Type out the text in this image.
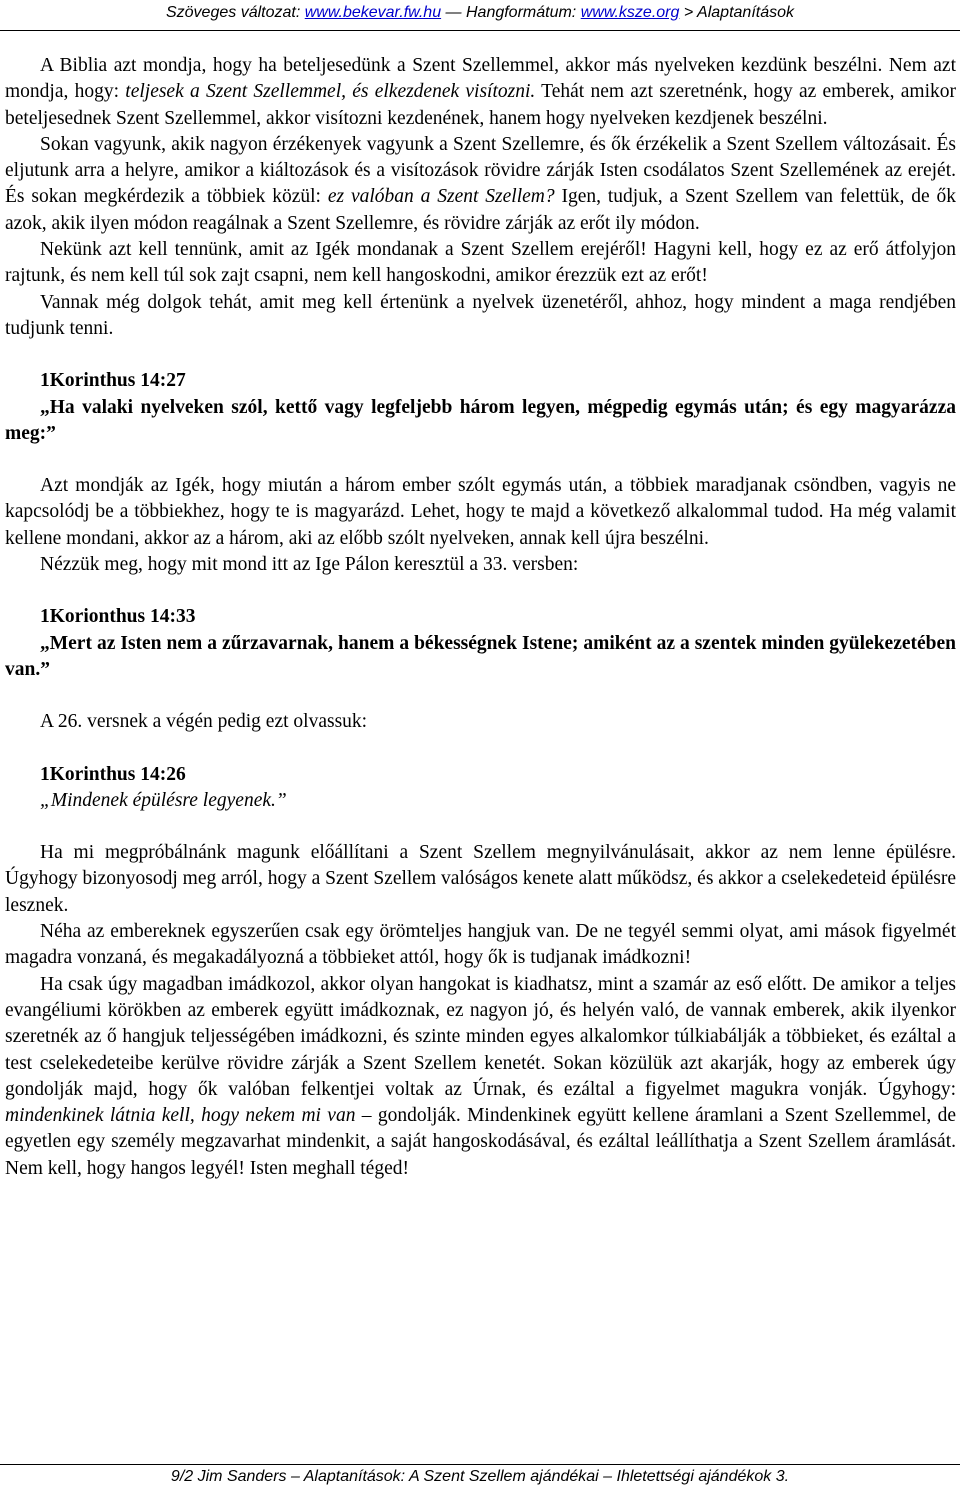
Szöveges változat: www.bekevar.fw.hu — Hangformátum: www.ksze.org > Alaptanítások

A Biblia azt mondja, hogy ha beteljesedünk a Szent Szellemmel, akkor más nyelveken kezdünk beszélni. Nem azt mondja, hogy: teljesek a Szent Szellemmel, és elkezdenek visítozni. Tehát nem azt szeretnénk, hogy az emberek, amikor beteljesednek Szent Szellemmel, akkor visítozni kezdenének, hanem hogy nyelveken kezdjenek beszélni.

Sokan vagyunk, akik nagyon érzékenyek vagyunk a Szent Szellemre, és ők érzékelik a Szent Szellem változásait. És eljutunk arra a helyre, amikor a kiáltozások és a visítozások rövidre zárják Isten csodálatos Szent Szellemének az erejét. És sokan megkérdezik a többiek közül: ez valóban a Szent Szellem? Igen, tudjuk, a Szent Szellem van felettük, de ők azok, akik ilyen módon reagálnak a Szent Szellemre, és rövidre zárják az erőt ily módon.

Nekünk azt kell tennünk, amit az Igék mondanak a Szent Szellem erejéről! Hagyni kell, hogy ez az erő átfolyjon rajtunk, és nem kell túl sok zajt csapni, nem kell hangoskodni, amikor érezzük ezt az erőt!

Vannak még dolgok tehát, amit meg kell értenünk a nyelvek üzenetéről, ahhoz, hogy mindent a maga rendjében tudjunk tenni.

1Korinthus 14:27

„Ha valaki nyelveken szól, kettő vagy legfeljebb három legyen, mégpedig egymás után; és egy magyarázza meg:”

Azt mondják az Igék, hogy miután a három ember szólt egymás után, a többiek maradjanak csöndben, vagyis ne kapcsolódj be a többiekhez, hogy te is magyarázd. Lehet, hogy te majd a következő alkalommal tudod. Ha még valamit kellene mondani, akkor az a három, aki az előbb szólt nyelveken, annak kell újra beszélni.

Nézzük meg, hogy mit mond itt az Ige Pálon keresztül a 33. versben:

1Korionthus 14:33

„Mert az Isten nem a zűrzavarnak, hanem a békességnek Istene; amiként az a szentek minden gyülekezetében van.”

A 26. versnek a végén pedig ezt olvassuk:

1Korinthus 14:26

„Mindenek épülésre legyenek.”

Ha mi megpróbálnánk magunk előállítani a Szent Szellem megnyilvánulásait, akkor az nem lenne épülésre. Úgyhogy bizonyosodj meg arról, hogy a Szent Szellem valóságos kenete alatt működsz, és akkor a cselekedeteid épülésre lesznek.

Néha az embereknek egyszerűen csak egy örömteljes hangjuk van. De ne tegyél semmi olyat, ami mások figyelmét magadra vonzaná, és megakadályozná a többieket attól, hogy ők is tudjanak imádkozni!

Ha csak úgy magadban imádkozol, akkor olyan hangokat is kiadhatsz, mint a szamár az eső előtt. De amikor a teljes evangéliumi körökben az emberek együtt imádkoznak, ez nagyon jó, és helyén való, de vannak emberek, akik ilyenkor szeretnék az ő hangjuk teljességében imádkozni, és szinte minden egyes alkalomkor túlkiabálják a többieket, és ezáltal a test cselekedeteibe kerülve rövidre zárják a Szent Szellem kenetét. Sokan közülük azt akarják, hogy az emberek úgy gondolják majd, hogy ők valóban felkentjei voltak az Úrnak, és ezáltal a figyelmet magukra vonják. Úgyhogy: mindenkinek látnia kell, hogy nekem mi van – gondolják. Mindenkinek együtt kellene áramlani a Szent Szellemmel, de egyetlen egy személy megzavarhat mindenkit, a saját hangoskodásával, és ezáltal leállíthatja a Szent Szellem áramlását. Nem kell, hogy hangos legyél! Isten meghall téged!

9/2 Jim Sanders – Alaptanítások: A Szent Szellem ajándékai – Ihletettségi ajándékok 3.
